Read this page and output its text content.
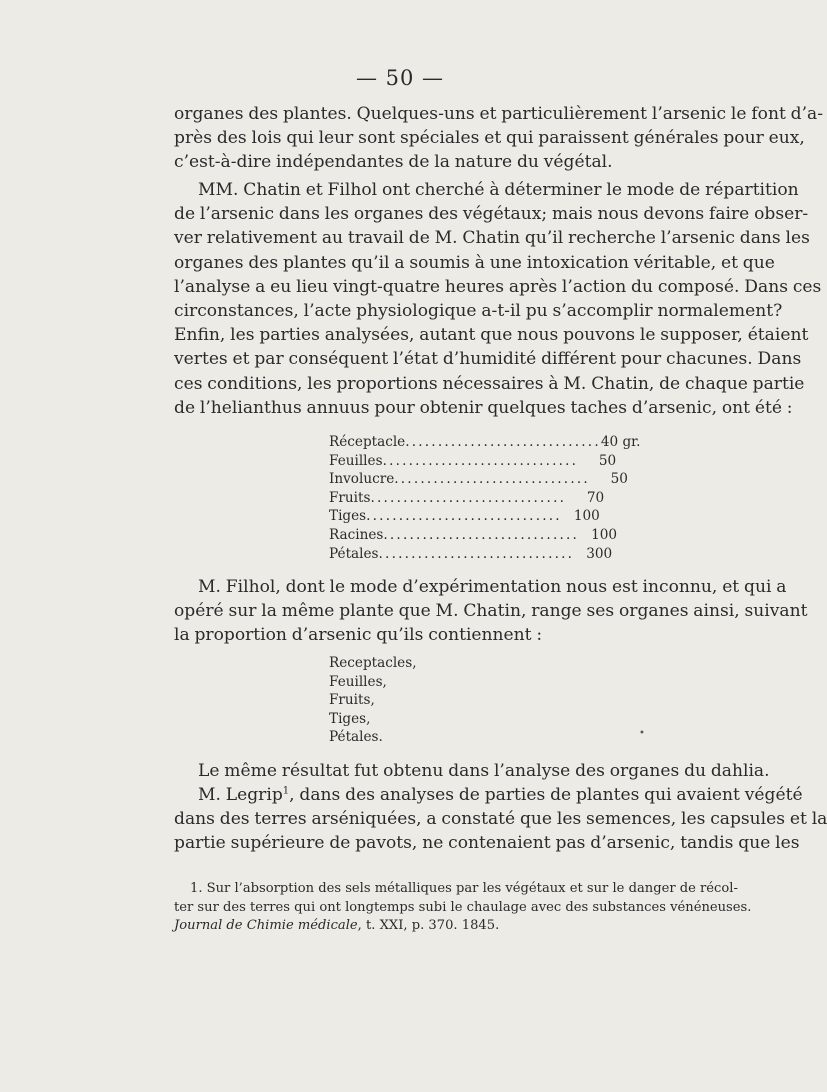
— 50 —

organes des plantes. Quelques-uns et particulièrement l’arsenic le font d’a-
près des lois qui leur sont spéciales et qui paraissent générales pour eux,
c’est-à-dire indépendantes de la nature du végétal.

MM. Chatin et Filhol ont cherché à déterminer le mode de répartition
de l’arsenic dans les organes des végétaux; mais nous devons faire obser-
ver relativement au travail de M. Chatin qu’il recherche l’arsenic dans les
organes des plantes qu’il a soumis à une intoxication véritable, et que
l’analyse a eu lieu vingt-quatre heures après l’action du composé. Dans ces
circonstances, l’acte physiologique a-t-il pu s’accomplir normalement?
Enfin, les parties analysées, autant que nous pouvons le supposer, étaient
vertes et par conséquent l’état d’humidité différent pour chacunes. Dans
ces conditions, les proportions nécessaires à M. Chatin, de chaque partie
de l’helianthus annuus pour obtenir quelques taches d’arsenic, ont été :

Réceptacle .............................. 40 gr.
Feuilles ..............................	50
Involucre ..............................	50
Fruits ..............................	70
Tiges .............................. 100
Racines .............................. 100
Pétales .............................. 300

M. Filhol, dont le mode d’expérimentation nous est inconnu, et qui a
opéré sur la même plante que M. Chatin, range ses organes ainsi, suivant
la proportion d’arsenic qu’ils contiennent :

Receptacles,
Feuilles,
Fruits,
Tiges,
Pétales.	•

Le même résultat fut obtenu dans l’analyse des organes du dahlia.

M. Legrip$^1$, dans des analyses de parties de plantes qui avaient végété
dans des terres arséniquées, a constaté que les semences, les capsules et la
partie supérieure de pavots, ne contenaient pas d’arsenic, tandis que les

1. Sur l’absorption des sels métalliques par les végétaux et sur le danger de récol-
ter sur des terres qui ont longtemps subi le chaulage avec des substances vénéneuses.
Journal de Chimie médicale, t. XXI, p. 370. 1845.
